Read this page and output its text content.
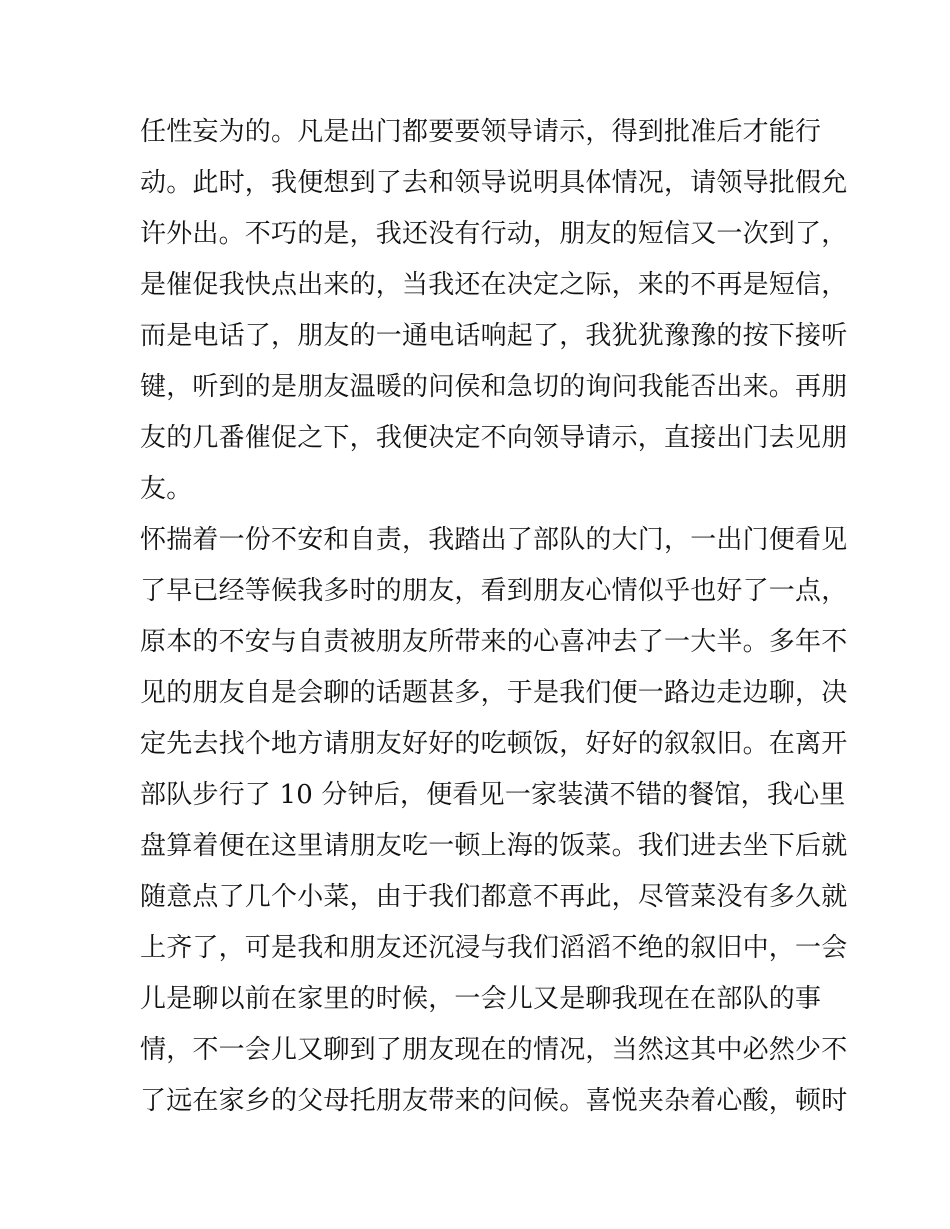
任性妄为的。凡是出门都要要领导请示，得到批准后才能行
动。此时，我便想到了去和领导说明具体情况，请领导批假允
许外出。不巧的是，我还没有行动，朋友的短信又一次到了，
是催促我快点出来的，当我还在决定之际，来的不再是短信，
而是电话了，朋友的一通电话响起了，我犹犹豫豫的按下接听
键，听到的是朋友温暖的问侯和急切的询问我能否出来。再朋
友的几番催促之下，我便决定不向领导请示，直接出门去见朋
友。
怀揣着一份不安和自责，我踏出了部队的大门，一出门便看见
了早已经等候我多时的朋友，看到朋友心情似乎也好了一点，
原本的不安与自责被朋友所带来的心喜冲去了一大半。多年不
见的朋友自是会聊的话题甚多，于是我们便一路边走边聊，决
定先去找个地方请朋友好好的吃顿饭，好好的叙叙旧。在离开
部队步行了 10 分钟后，便看见一家装潢不错的餐馆，我心里
盘算着便在这里请朋友吃一顿上海的饭菜。我们进去坐下后就
随意点了几个小菜，由于我们都意不再此，尽管菜没有多久就
上齐了，可是我和朋友还沉浸与我们滔滔不绝的叙旧中，一会
儿是聊以前在家里的时候，一会儿又是聊我现在在部队的事
情，不一会儿又聊到了朋友现在的情况，当然这其中必然少不
了远在家乡的父母托朋友带来的问候。喜悦夹杂着心酸，顿时
